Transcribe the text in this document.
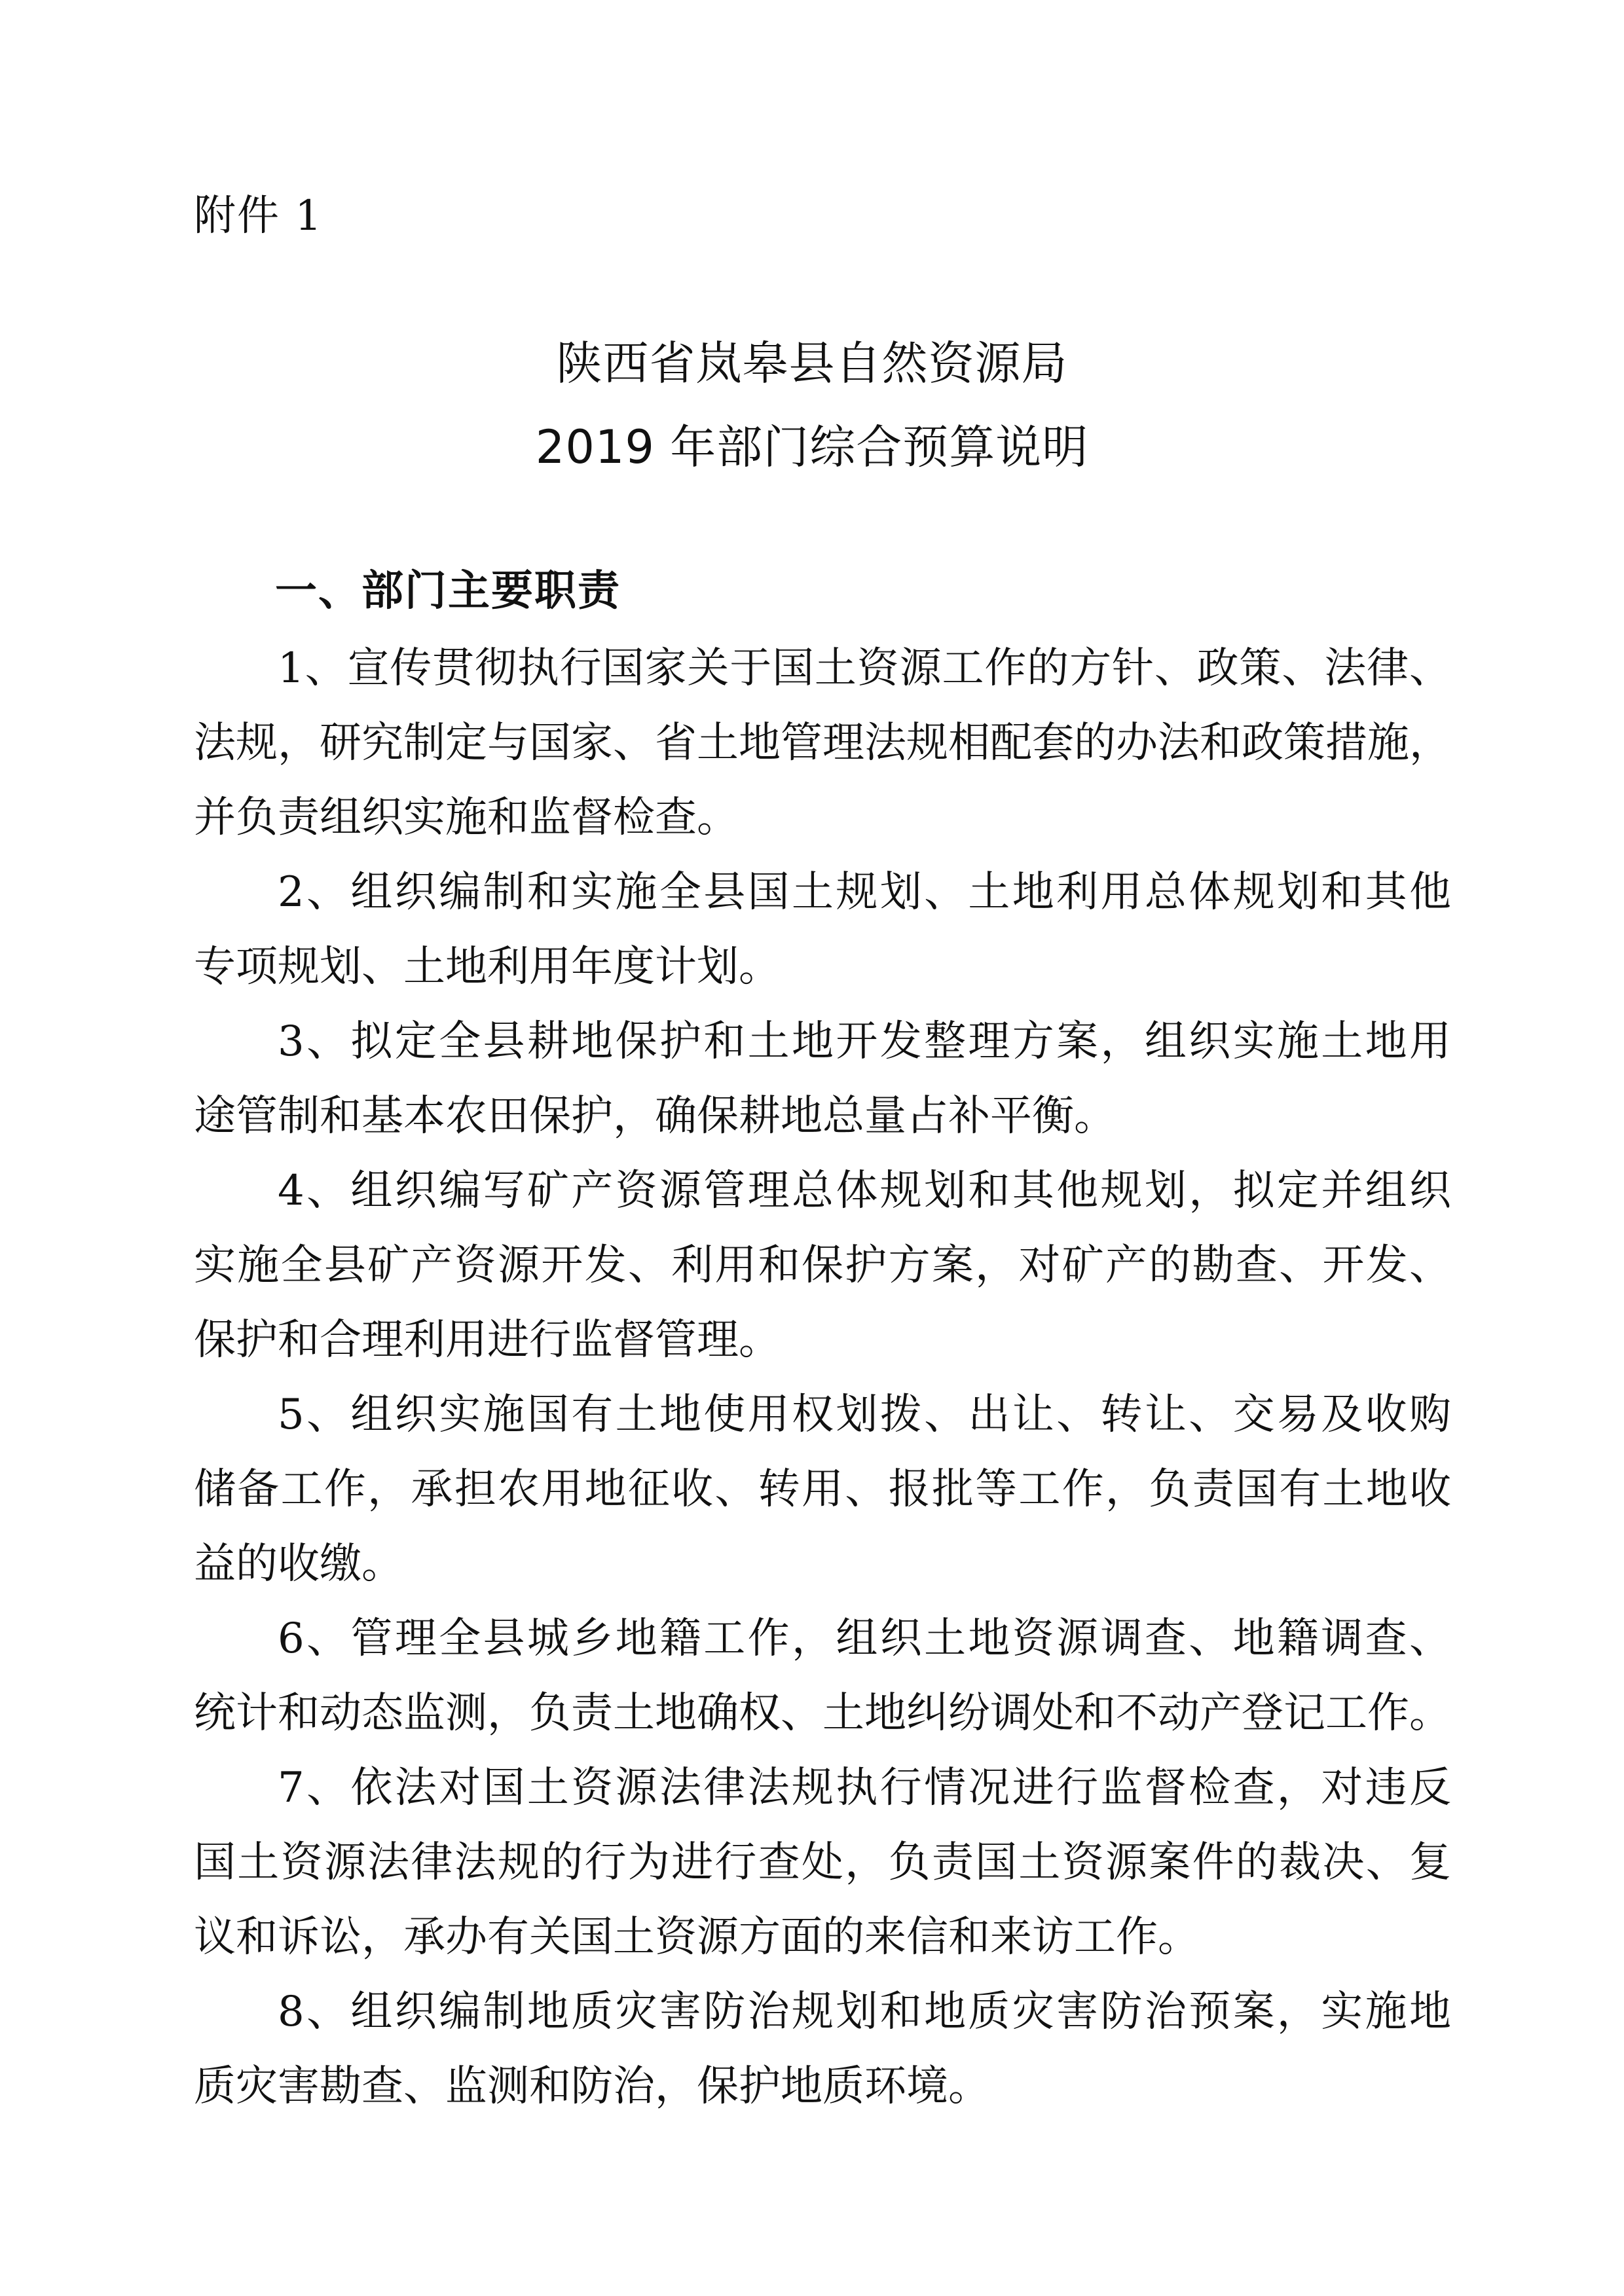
附件 1
陕西省岚皋县自然资源局
2019 年部门综合预算说明
一、部门主要职责
1、宣传贯彻执行国家关于国土资源工作的方针、政策、法律、
法规，研究制定与国家、省土地管理法规相配套的办法和政策措施，
并负责组织实施和监督检查。
2、组织编制和实施全县国土规划、土地利用总体规划和其他
专项规划、土地利用年度计划。
3、拟定全县耕地保护和土地开发整理方案，组织实施土地用
途管制和基本农田保护，确保耕地总量占补平衡。
4、组织编写矿产资源管理总体规划和其他规划，拟定并组织
实施全县矿产资源开发、利用和保护方案，对矿产的勘查、开发、
保护和合理利用进行监督管理。
5、组织实施国有土地使用权划拨、出让、转让、交易及收购
储备工作，承担农用地征收、转用、报批等工作，负责国有土地收
益的收缴。
6、管理全县城乡地籍工作，组织土地资源调查、地籍调查、
统计和动态监测，负责土地确权、土地纠纷调处和不动产登记工作。
7、依法对国土资源法律法规执行情况进行监督检查，对违反
国土资源法律法规的行为进行查处，负责国土资源案件的裁决、复
议和诉讼，承办有关国土资源方面的来信和来访工作。
8、组织编制地质灾害防治规划和地质灾害防治预案，实施地
质灾害勘查、监测和防治，保护地质环境。
